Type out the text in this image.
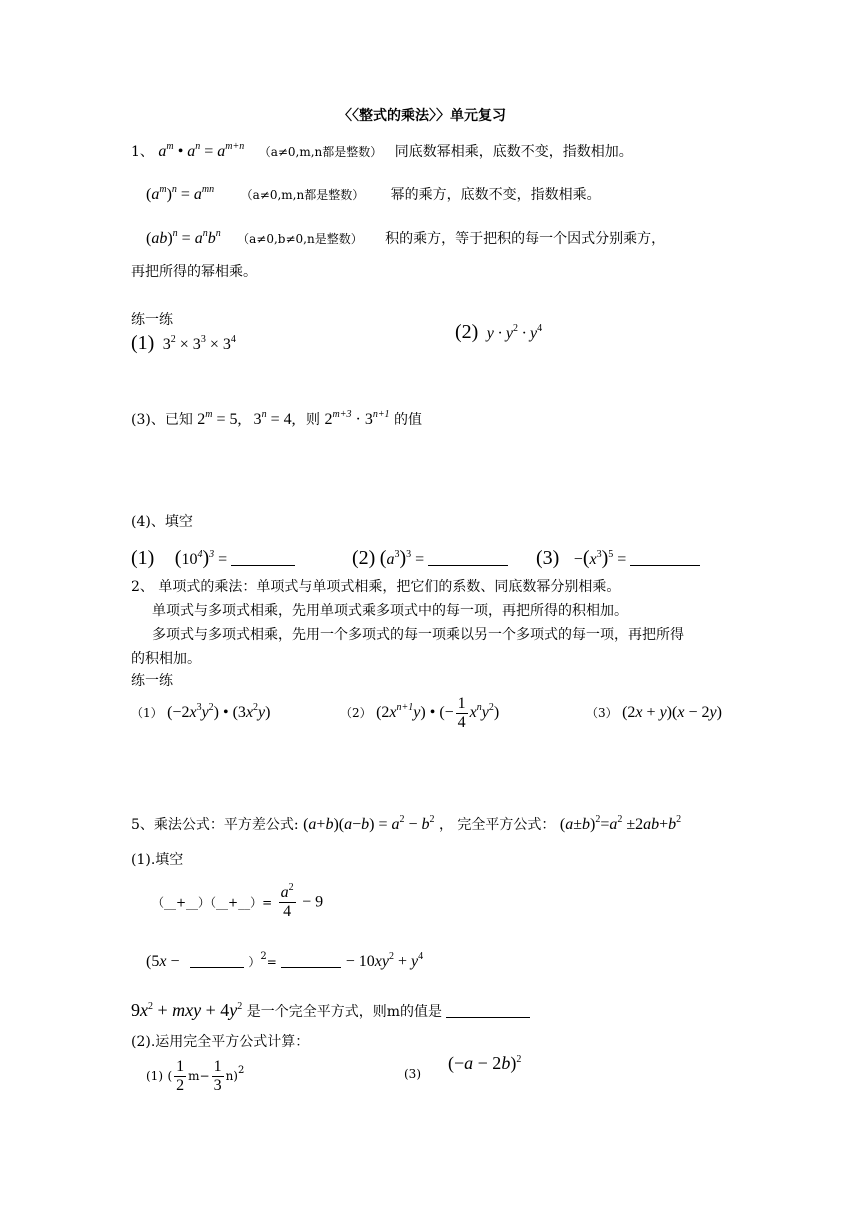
〈〈整式的乘法〉〉单元复习
1、 $a^m$ • $a^n = a^{m+n}$ （a≠0,m,n都是整数） 同底数幂相乘，底数不变，指数相加。
$(a^m)^n = a^{mn}$ （a≠0,m,n都是整数） 幂的乘方，底数不变，指数相乘。
$(ab)^n = a^nb^n$ （a≠0,b≠0,n是整数） 积的乘方，等于把积的每一个因式分别乘方，
再把所得的幂相乘。
练一练
(1) $3^2 \times 3^3 \times 3^4$	(2) $y \cdot y^2 \cdot y^4$
(3)、已知 $2^m = 5$,   $3^n = 4$, 则 $2^{m+3} \cdot 3^{n+1}$ 的值
(4)、填空
(1) $(10^4)^3$ =	(2) $(a^3)^3$ =	$(3) -(x^3)^5$ =
2、 单项式的乘法：单项式与单项式相乘，把它们的系数、同底数幂分别相乘。
单项式与多项式相乘，先用单项式乘多项式中的每一项，再把所得的积相加。
多项式与多项式相乘，先用一个多项式的每一项乘以另一个多项式的每一项，再把所得
的积相加。
练一练
（1） $(-2x^3y^2)$ • $(3x^2y)$	（2） $(2x^{n+1}y)$ • (− $\frac{1}{4} x^ny^2$)	（3） (2x + y)(x − 2y)
5、乘法公式：平方差公式: $(a+b)(a-b) = a^2 - b^2$ ， 完全平方公式： $(a\pm b)^2=a^2 \pm 2ab+b^2$
(1).填空
（__+__）（__+__）= $\frac{a^2}{4} - 9$
(5x −	）$^2$=	− $10xy^2 + y^4$
$9x^2$ + mxy + $4y^2$ 是一个完全平方式，则m的值是
(2).运用完全平方公式计算：
(1) ( $\frac{1}{2} m- \frac{1}{3} n)^2$	(3)
$(-a - 2b)^2$
